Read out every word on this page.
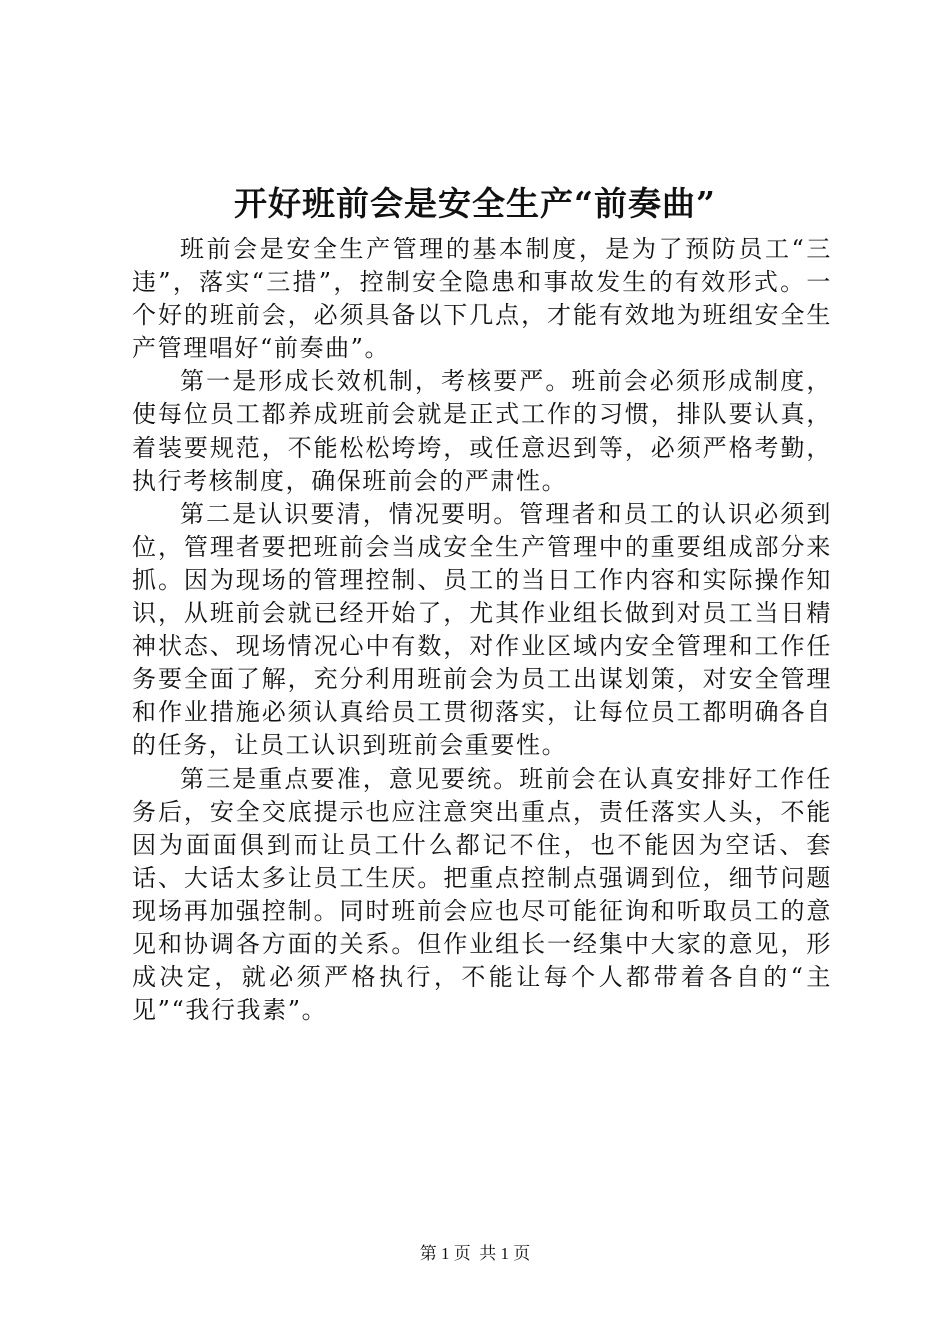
开好班前会是安全生产“前奏曲”

班前会是安全生产管理的基本制度，是为了预防员工“三违”，落实“三措”，控制安全隐患和事故发生的有效形式。一个好的班前会，必须具备以下几点，才能有效地为班组安全生产管理唱好“前奏曲”。

第一是形成长效机制，考核要严。班前会必须形成制度，使每位员工都养成班前会就是正式工作的习惯，排队要认真，着装要规范，不能松松垮垮，或任意迟到等，必须严格考勤，执行考核制度，确保班前会的严肃性。

第二是认识要清，情况要明。管理者和员工的认识必须到位，管理者要把班前会当成安全生产管理中的重要组成部分来抓。因为现场的管理控制、员工的当日工作内容和实际操作知识，从班前会就已经开始了，尤其作业组长做到对员工当日精神状态、现场情况心中有数，对作业区域内安全管理和工作任务要全面了解，充分利用班前会为员工出谋划策，对安全管理和作业措施必须认真给员工贯彻落实，让每位员工都明确各自的任务，让员工认识到班前会重要性。

第三是重点要准，意见要统。班前会在认真安排好工作任务后，安全交底提示也应注意突出重点，责任落实人头，不能因为面面俱到而让员工什么都记不住，也不能因为空话、套话、大话太多让员工生厌。把重点控制点强调到位，细节问题现场再加强控制。同时班前会应也尽可能征询和听取员工的意见和协调各方面的关系。但作业组长一经集中大家的意见，形成决定，就必须严格执行，不能让每个人都带着各自的“主见”“我行我素”。

第 1 页  共 1 页
